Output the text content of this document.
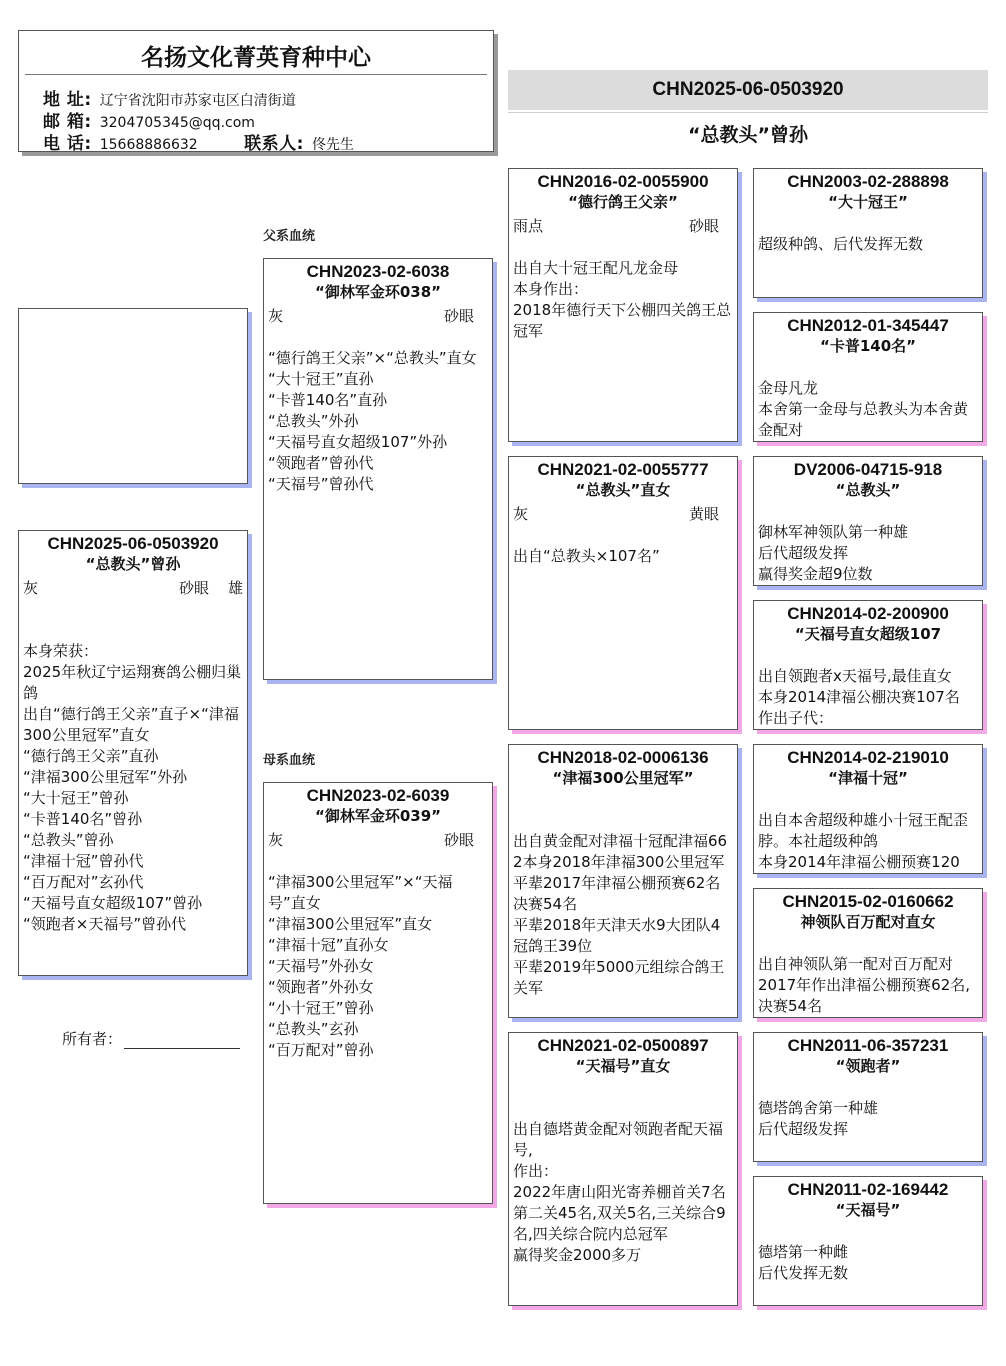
名扬文化菁英育种中心
地 址: 辽宁省沈阳市苏家屯区白清街道
邮 箱: 3204705345@qq.com
电 话: 15668886632	联系人: 佟先生
CHN2025-06-0503920
“总教头”曾孙
父系血统
母系血统
CHN2025-06-0503920
“总教头”曾孙
灰	砂眼 雄

本身荣获：
2025年秋辽宁运翔赛鸽公棚归巢鸽
出自“德行鸽王父亲”直子×“津福300公里冠军”直女
“德行鸽王父亲”直孙
“津福300公里冠军”外孙
“大十冠王”曾孙
“卡普140名”曾孙
“总教头”曾孙
“津福十冠”曾孙代
“百万配对”玄孙代
“天福号直女超级107”曾孙
“领跑者×天福号”曾孙代
所有者：
CHN2023-02-6038
“御林军金环038”
灰	砂眼

“德行鸽王父亲”×“总教头”直女
“大十冠王”直孙
“卡普140名”直孙
“总教头”外孙
“天福号直女超级107”外孙
“领跑者”曾孙代
“天福号”曾孙代
CHN2023-02-6039
“御林军金环039”
灰	砂眼

“津福300公里冠军”×“天福号”直女
“津福300公里冠军”直女
“津福十冠”直孙女
“天福号”外孙女
“领跑者”外孙女
“小十冠王”曾孙
“总教头”玄孙
“百万配对”曾孙
CHN2016-02-0055900
“德行鸽王父亲”
雨点	砂眼

出自大十冠王配凡龙金母
本身作出：
2018年德行天下公棚四关鸽王总冠军
CHN2021-02-0055777
“总教头”直女
灰	黄眼

出自“总教头×107名”
CHN2018-02-0006136
“津福300公里冠军”

出自黄金配对津福十冠配津福662本身2018年津福300公里冠军
平辈2017年津福公棚预赛62名决赛54名
平辈2018年天津天水9大团队4冠鸽王39位
平辈2019年5000元组综合鸽王关军
CHN2021-02-0500897
“天福号”直女

出自德塔黄金配对领跑者配天福号,
作出：
2022年唐山阳光寄养棚首关7名
第二关45名,双关5名,三关综合9名,四关综合院内总冠军
赢得奖金2000多万
CHN2003-02-288898
“大十冠王”

超级种鸽、后代发挥无数
CHN2012-01-345447
“卡普140名”

金母凡龙
本舍第一金母与总教头为本舍黄金配对
DV2006-04715-918
“总教头”

御林军神领队第一种雄
后代超级发挥
赢得奖金超9位数
CHN2014-02-200900
“天福号直女超级107

出自领跑者x天福号,最佳直女
本身2014津福公棚决赛107名
作出子代：
CHN2014-02-219010
“津福十冠”

出自本舍超级种雄小十冠王配歪脖。本社超级种鸽
本身2014年津福公棚预赛120
CHN2015-02-0160662
神领队百万配对直女

出自神领队第一配对百万配对
2017年作出津福公棚预赛62名,决赛54名
CHN2011-06-357231
“领跑者”

德塔鸽舍第一种雄
后代超级发挥
CHN2011-02-169442
“天福号”

德塔第一种雌
后代发挥无数
